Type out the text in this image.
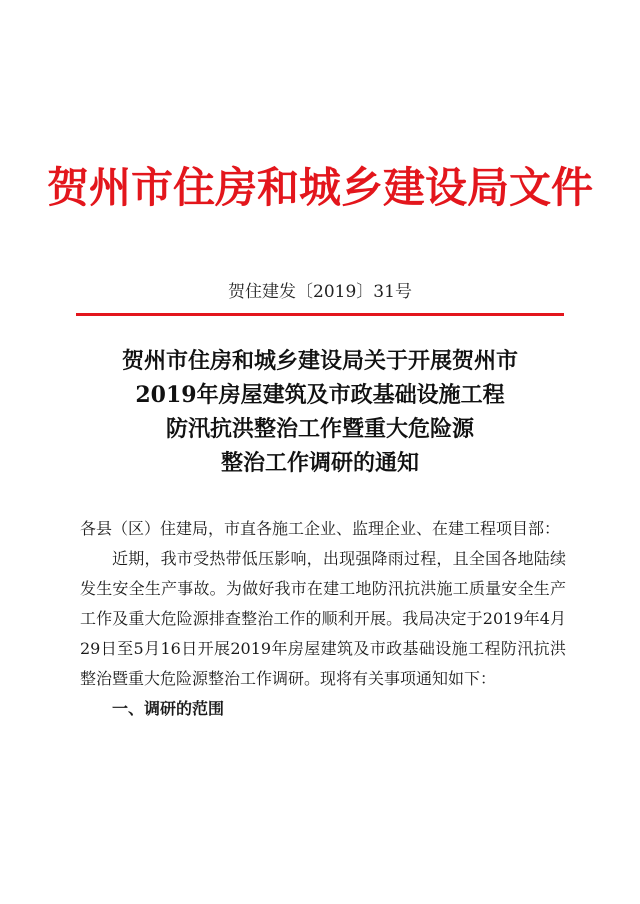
贺州市住房和城乡建设局文件
贺住建发〔2019〕31号
贺州市住房和城乡建设局关于开展贺州市
2019年房屋建筑及市政基础设施工程
防汛抗洪整治工作暨重大危险源
整治工作调研的通知

各县（区）住建局，市直各施工企业、监理企业、在建工程项目部：

近期，我市受热带低压影响，出现强降雨过程，且全国各地陆续发生安全生产事故。为做好我市在建工地防汛抗洪施工质量安全生产工作及重大危险源排查整治工作的顺利开展。我局决定于2019年4月29日至5月16日开展2019年房屋建筑及市政基础设施工程防汛抗洪整治暨重大危险源整治工作调研。现将有关事项通知如下：

一、调研的范围
